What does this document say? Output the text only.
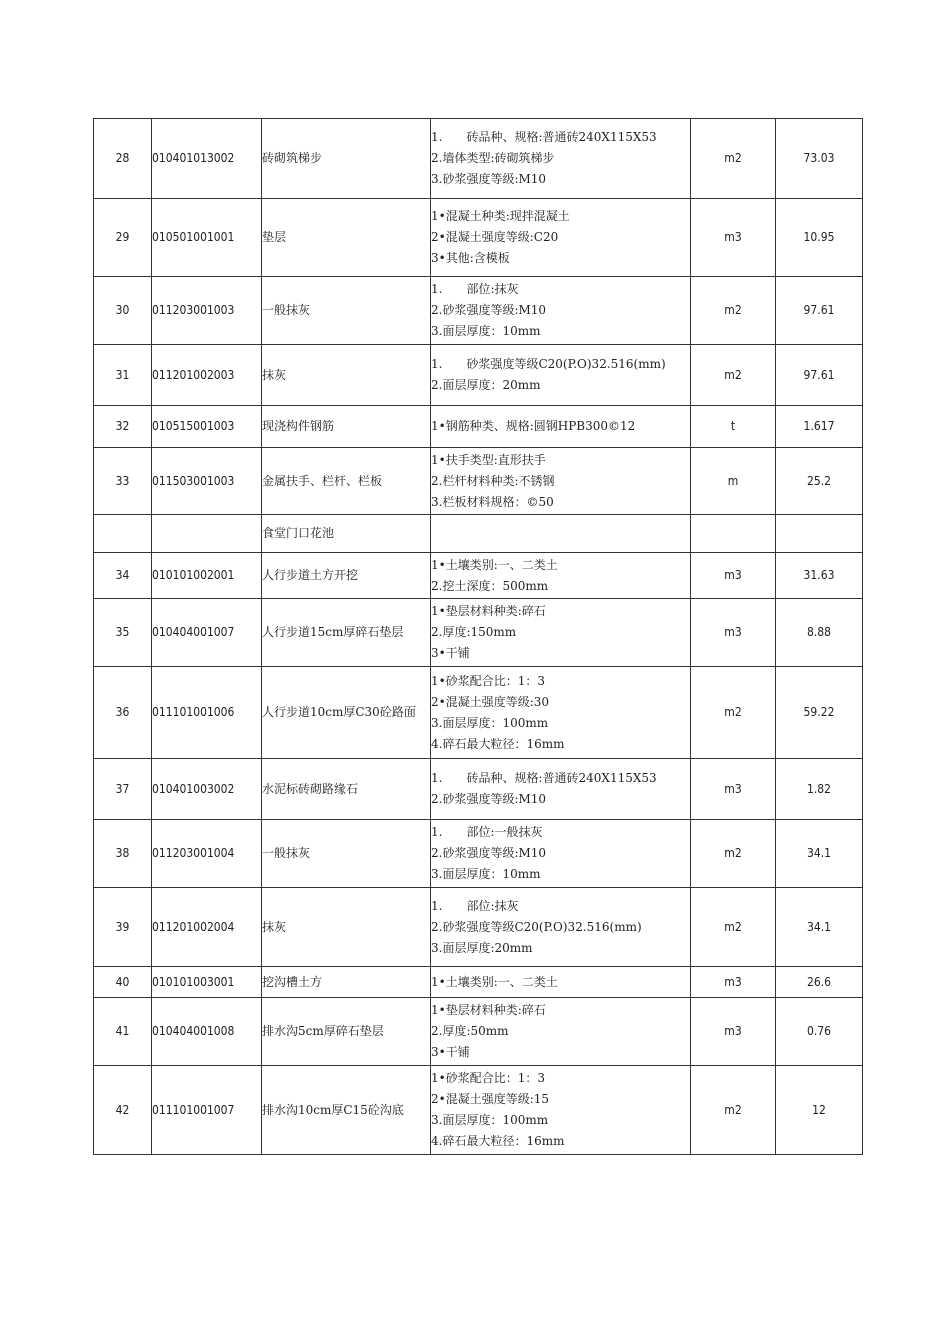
28	010401013002	砖砌筑梯步	1.　　砖品种、规格:普通砖240X115X53
2.墙体类型:砖砌筑梯步
3.砂浆强度等级:M10	m2	73.03
29	010501001001	垫层	1•混凝土种类:现拌混凝土
2•混凝土强度等级:C20
3•其他:含模板	m3	10.95
30	011203001003	一般抹灰	1.　　部位:抹灰
2.砂浆强度等级:M10
3.面层厚度：10mm	m2	97.61
31	011201002003	抹灰	1.　　砂浆强度等级C20(P.O)32.516(mm)
2.面层厚度：20mm	m2	97.61
32	010515001003	现浇构件钢筋	1•钢筋种类、规格:圆钢HPB300©12	t	1.617
33	011503001003	金属扶手、栏杆、栏板	1•扶手类型:直形扶手
2.栏杆材料种类:不锈钢
3.栏板材料规格：©50	m	25.2
		食堂门口花池			
34	010101002001	人行步道土方开挖	1•土壤类别:一、二类土
2.挖土深度：500mm	m3	31.63
35	010404001007	人行步道15cm厚碎石垫层	1•垫层材料种类:碎石
2.厚度:150mm
3•干铺	m3	8.88
36	011101001006	人行步道10cm厚C30砼路面	1•砂浆配合比：1：3
2•混凝土强度等级:30
3.面层厚度：100mm
4.碎石最大粒径：16mm	m2	59.22
37	010401003002	水泥标砖砌路缘石	1.　　砖品种、规格:普通砖240X115X53
2.砂浆强度等级:M10	m3	1.82
38	011203001004	一般抹灰	1.　　部位:一般抹灰
2.砂浆强度等级:M10
3.面层厚度：10mm	m2	34.1
39	011201002004	抹灰	1.　　部位:抹灰
2.砂浆强度等级C20(P.O)32.516(mm)
3.面层厚度:20mm	m2	34.1
40	010101003001	挖沟槽土方	1•土壤类别:一、二类土	m3	26.6
41	010404001008	排水沟5cm厚碎石垫层	1•垫层材料种类:碎石
2.厚度:50mm
3•干铺	m3	0.76
42	011101001007	排水沟10cm厚C15砼沟底	1•砂浆配合比：1：3
2•混凝土强度等级:15
3.面层厚度：100mm
4.碎石最大粒径：16mm	m2	12
